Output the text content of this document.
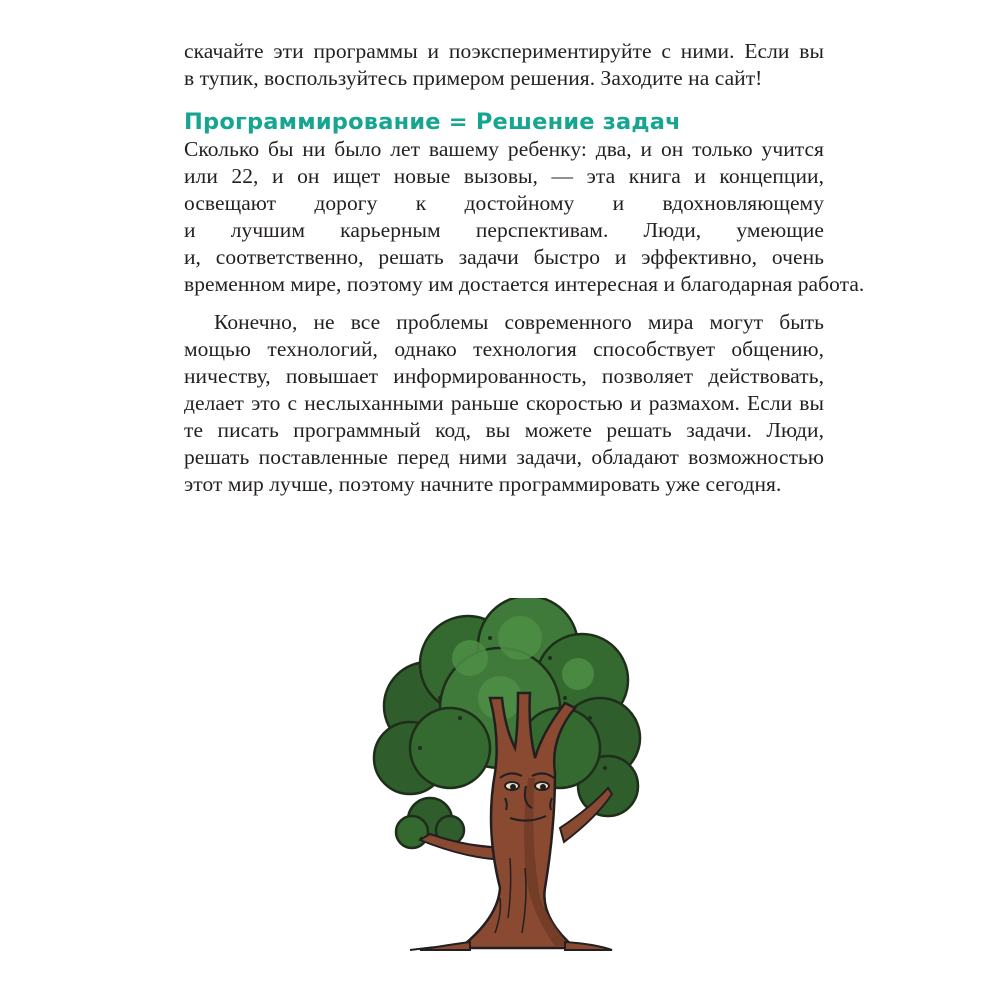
скачайте эти программы и поэкспериментируйте с ними. Если вы
в тупик, воспользуйтесь примером решения. Заходите на сайт!
Программирование = Решение задач
Сколько бы ни было лет вашему ребенку: два, и он только учится
или 22, и он ищет новые вызовы, — эта книга и концепции,
освещают дорогу к достойному и вдохновляющему
и лучшим карьерным перспективам. Люди, умеющие
и, соответственно, решать задачи быстро и эффективно, очень
временном мире, поэтому им достается интересная и благодарная работа.
Конечно, не все проблемы современного мира могут быть
мощью технологий, однако технология способствует общению,
ничеству, повышает информированность, позволяет действовать,
делает это с неслыханными раньше скоростью и размахом. Если вы
те писать программный код, вы можете решать задачи. Люди,
решать поставленные перед ними задачи, обладают возможностью
этот мир лучше, поэтому начните программировать уже сегодня.
